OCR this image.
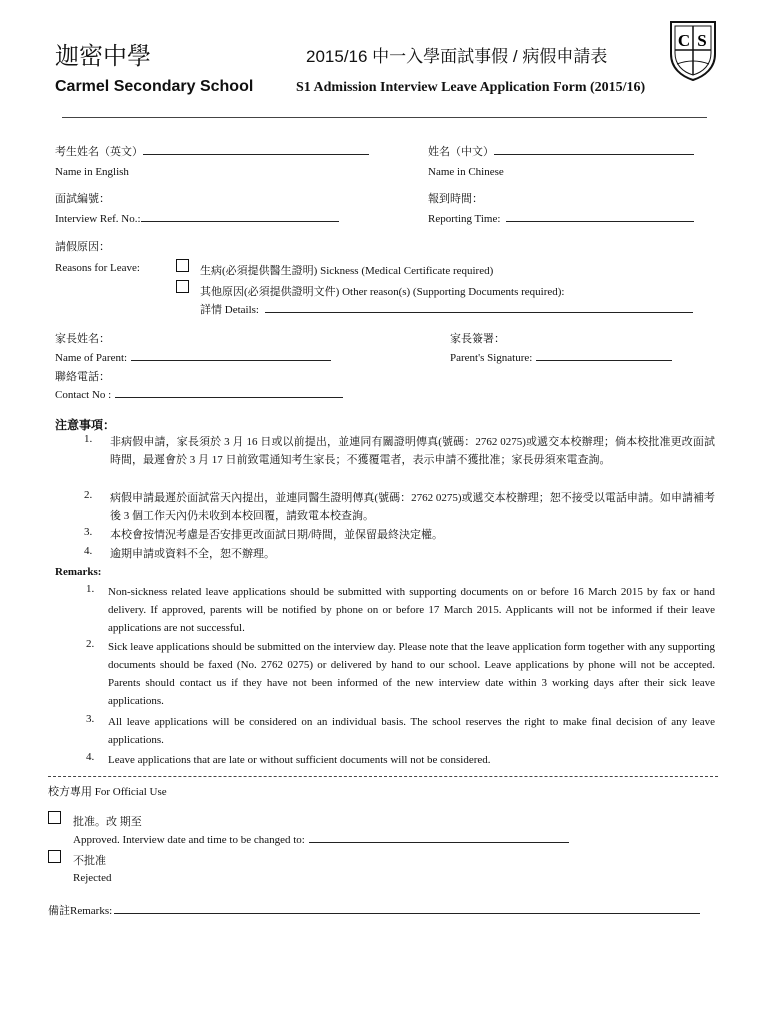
迦密中學	2015/16 中一入學面試事假 / 病假申請表
Carmel Secondary School	S1 Admission Interview Leave Application Form (2015/16)
C S
考生姓名（英文）
Name in English
姓名（中文）
Name in Chinese
面試編號：
Interview Ref. No.:
報到時間：
Reporting Time:
請假原因：
Reasons for Leave:	生病(必須提供醫生證明) Sickness (Medical Certificate required)
其他原因(必須提供證明文件) Other reason(s) (Supporting Documents required):
詳情 Details:
家長姓名：
Name of Parent:
家長簽署：
Parent's Signature:
聯絡電話：
Contact No :
注意事項：
1. 非病假申請，家長須於 3 月 16 日或以前提出，並連同有關證明傳真(號碼：2762 0275)或遞交本校辦理；倘本校批准更改面試時間，最遲會於 3 月 17 日前致電通知考生家長；不獲覆電者，表示申請不獲批准；家長毋須來電查詢。
2. 病假申請最遲於面試當天內提出，並連同醫生證明傳真(號碼：2762 0275)或遞交本校辦理；恕不接受以電話申請。如申請補考後 3 個工作天內仍未收到本校回覆，請致電本校查詢。
3. 本校會按情況考慮是否安排更改面試日期/時間，並保留最終決定權。
4. 逾期申請或資料不全，恕不辦理。
Remarks:
1. Non-sickness related leave applications should be submitted with supporting documents on or before 16 March 2015 by fax or hand delivery. If approved, parents will be notified by phone on or before 17 March 2015. Applicants will not be informed if their leave applications are not successful.
2. Sick leave applications should be submitted on the interview day. Please note that the leave application form together with any supporting documents should be faxed (No. 2762 0275) or delivered by hand to our school. Leave applications by phone will not be accepted. Parents should contact us if they have not been informed of the new interview date within 3 working days after their sick leave applications.
3. All leave applications will be considered on an individual basis. The school reserves the right to make final decision of any leave applications.
4. Leave applications that are late or without sufficient documents will not be considered.
校方專用 For Official Use
批准。改 期至
Approved. Interview date and time to be changed to:
不批准
Rejected
備註Remarks:
